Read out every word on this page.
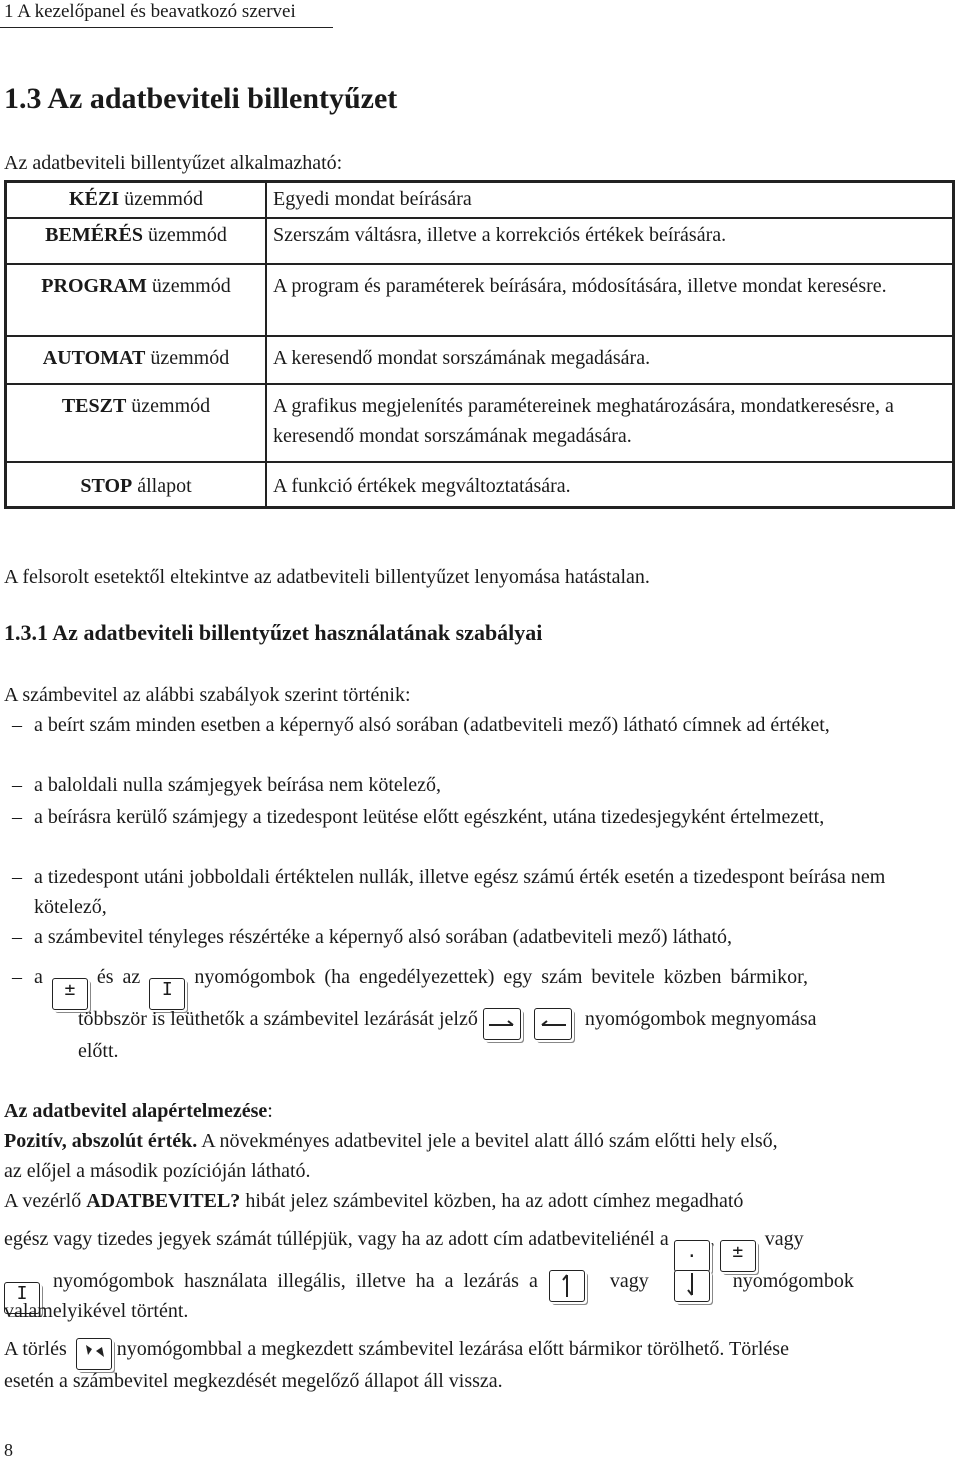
1 A kezelőpanel és beavatkozó szervei
1.3 Az adatbeviteli billentyűzet
Az adatbeviteli billentyűzet alkalmazható:
KÉZI üzemmód	Egyedi mondat beírására
BEMÉRÉS üzemmód	Szerszám váltásra, illetve a korrekciós értékek beírására.
PROGRAM üzemmód	A program és paraméterek beírására, módosítására, illetve mondat keresésre.
AUTOMAT üzemmód	A keresendő mondat sorszámának megadására.
TESZT üzemmód	A grafikus megjelenítés paramétereinek meghatározására, mondatkeresésre, a keresendő mondat sorszámának megadására.
STOP állapot	A funkció értékek megváltoztatására.
A felsorolt esetektől eltekintve az adatbeviteli billentyűzet lenyomása hatástalan.
1.3.1 Az adatbeviteli billentyűzet használatának szabályai
A számbevitel az alábbi szabályok szerint történik:
– a beírt szám minden esetben a képernyő alsó sorában (adatbeviteli mező) látható címnek ad értéket,
– a baloldali nulla számjegyek beírása nem kötelező,
– a beírásra kerülő számjegy a tizedespont leütése előtt egészként, utána tizedesjegyként értelmezett,
– a tizedespont utáni jobboldali értéktelen nullák, illetve egész számú érték esetén a tizedespont beírása nem kötelező,
– a számbevitel tényleges részértéke a képernyő alsó sorában (adatbeviteli mező) látható,
– a ± és az I nyomógombok (ha engedélyezettek) egy szám bevitele közben bármikor,
többször is leüthetők a számbevitel lezárását jelző	nyomógombok megnyomása
előtt.
Az adatbevitel alapértelmezése:
Pozitív, abszolút érték. A növekményes adatbevitel jele a bevitel alatt álló szám előtti hely első,
az előjel a második pozícióján látható.
A vezérlő ADATBEVITEL? hibát jelez számbevitel közben, ha az adott címhez megadható
egész vagy tizedes jegyek számát túllépjük, vagy ha az adott cím adatbeviteliénél a ., ± vagy
I nyomógombok használata illegális, illetve ha a lezárás a	vagy	nyomógombok
valamelyikével történt.
A törlés	nyomógombbal a megkezdett számbevitel lezárása előtt bármikor törölhető. Törlése
esetén a számbevitel megkezdését megelőző állapot áll vissza.
8
